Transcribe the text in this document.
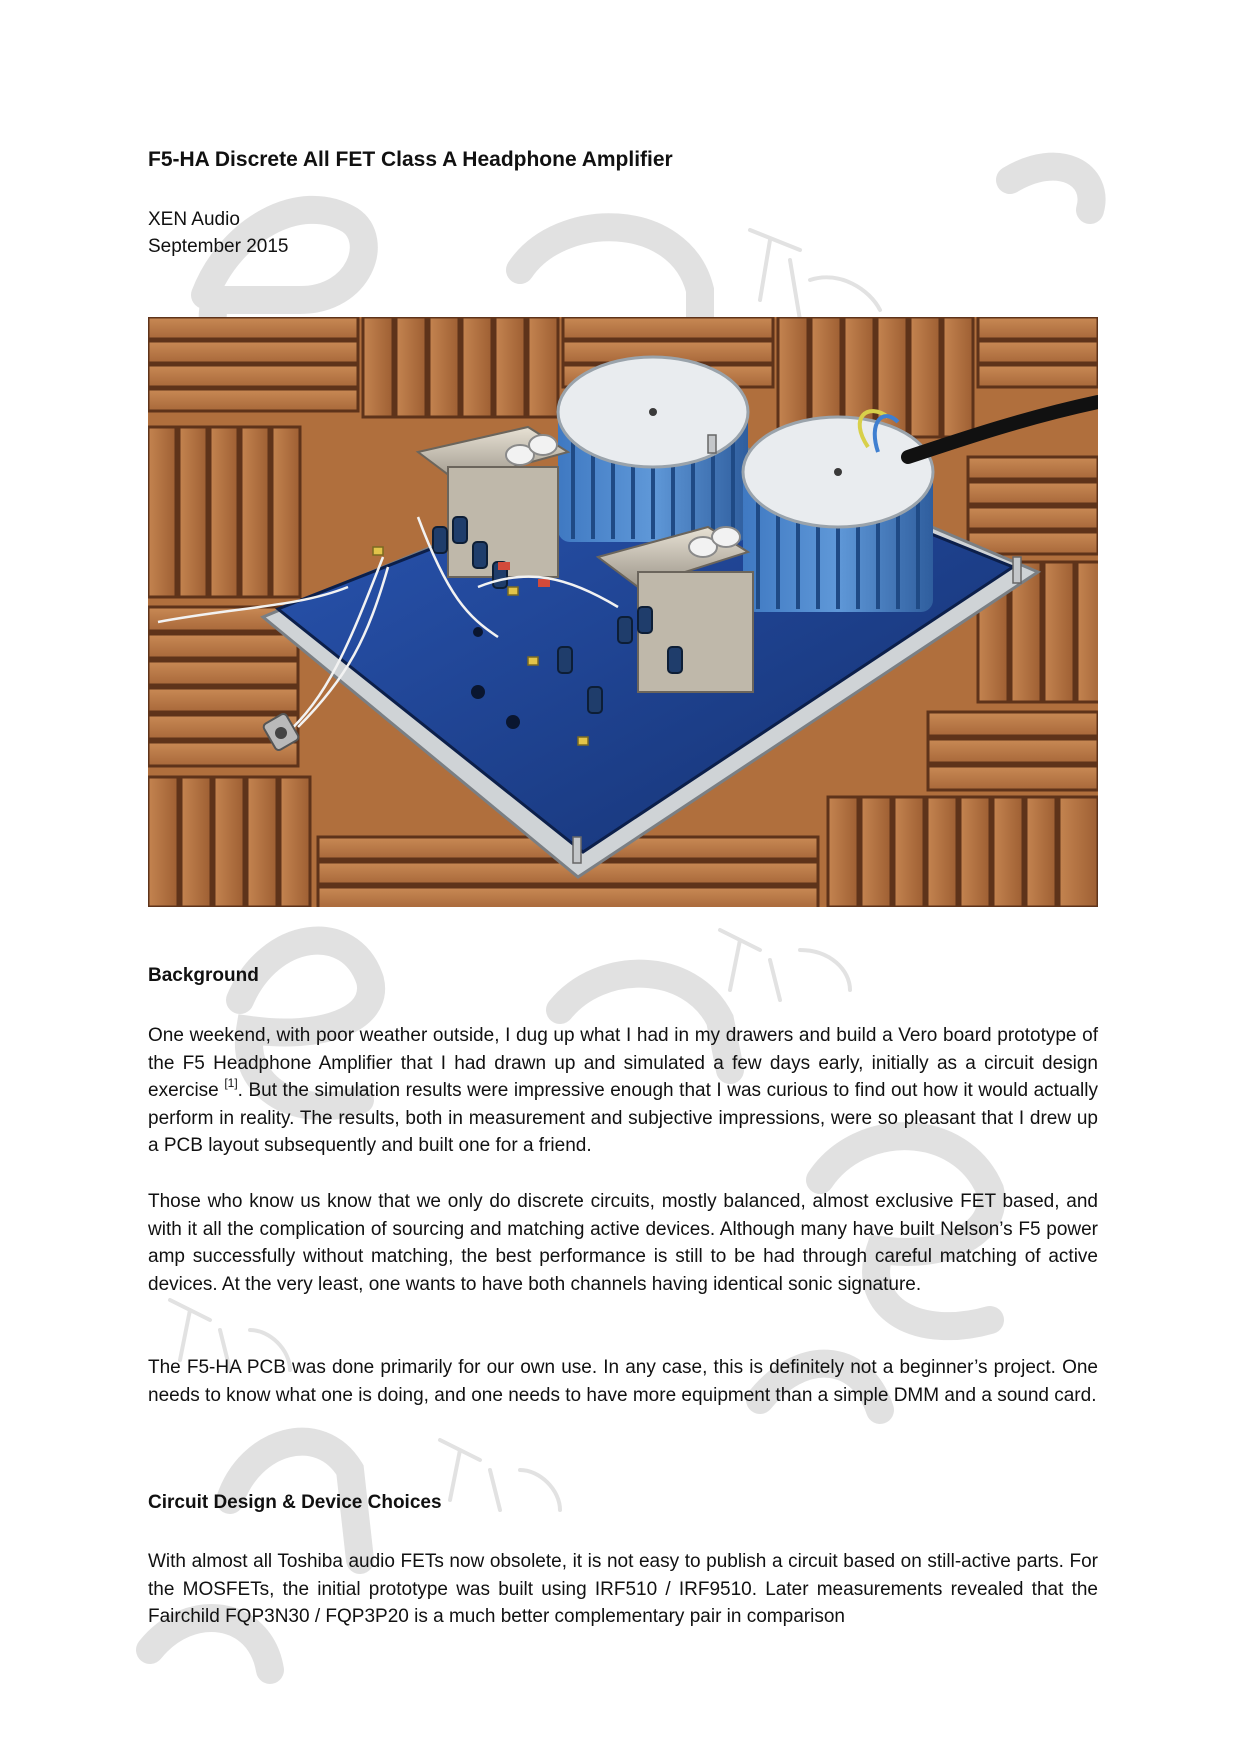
F5-HA Discrete All FET Class A Headphone Amplifier
XEN Audio
September 2015
Background

One weekend, with poor weather outside, I dug up what I had in my drawers and build a Vero board prototype of the F5 Headphone Amplifier that I had drawn up and simulated a few days early, initially as a circuit design exercise [1]. But the simulation results were impressive enough that I was curious to find out how it would actually perform in reality. The results, both in measurement and subjective impressions, were so pleasant that I drew up a PCB layout subsequently and built one for a friend.

Those who know us know that we only do discrete circuits, mostly balanced, almost exclusive FET based, and with it all the complication of sourcing and matching active devices. Although many have built Nelson’s F5 power amp successfully without matching, the best performance is still to be had through careful matching of active devices. At the very least, one wants to have both channels having identical sonic signature.

The F5-HA PCB was done primarily for our own use. In any case, this is definitely not a beginner’s project. One needs to know what one is doing, and one needs to have more equipment than a simple DMM and a sound card.

Circuit Design & Device Choices

With almost all Toshiba audio FETs now obsolete, it is not easy to publish a circuit based on still-active parts. For the MOSFETs, the initial prototype was built using IRF510 / IRF9510. Later measurements revealed that the Fairchild FQP3N30 / FQP3P20 is a much better complementary pair in comparison
